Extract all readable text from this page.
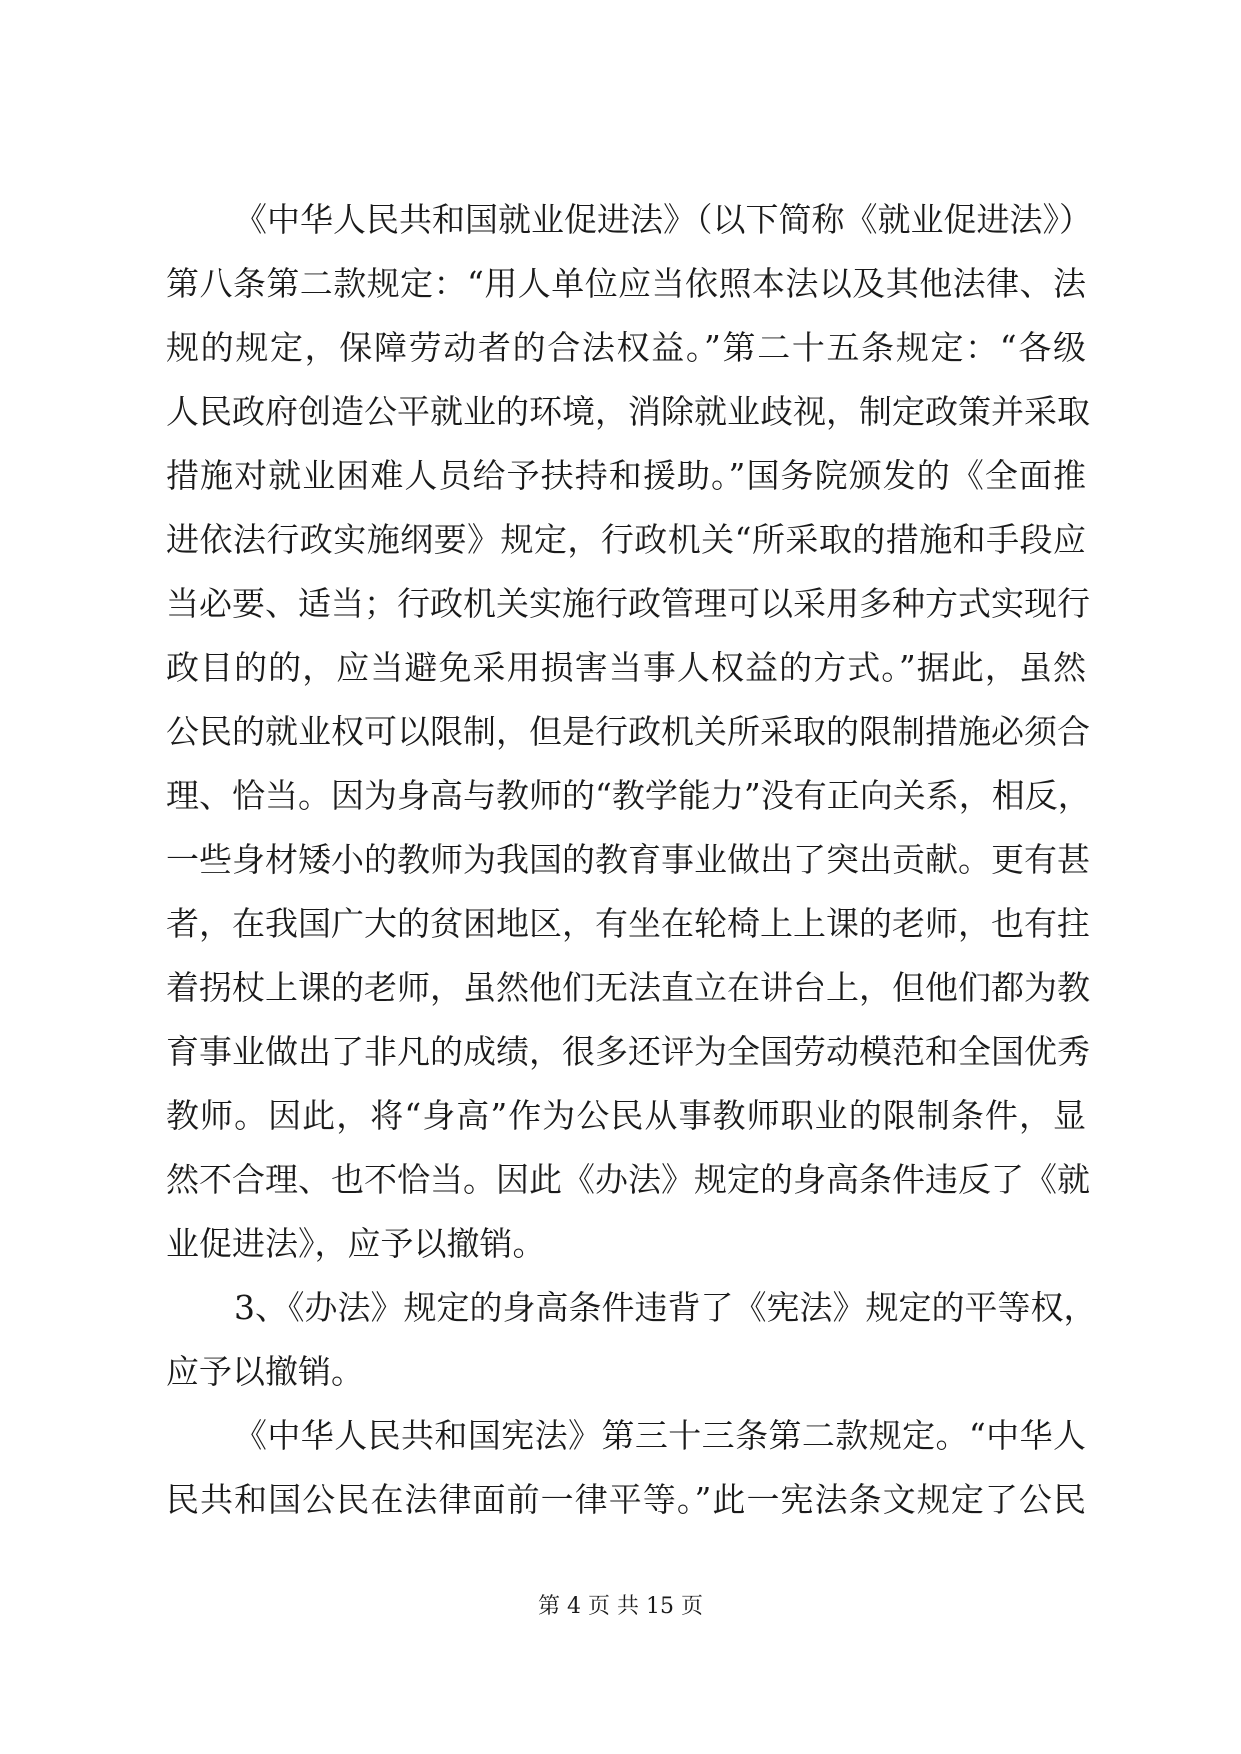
《中华人民共和国就业促进法》（以下简称《就业促进法》）
第八条第二款规定：“用人单位应当依照本法以及其他法律、法
规的规定，保障劳动者的合法权益。”第二十五条规定：“各级
人民政府创造公平就业的环境，消除就业歧视，制定政策并采取
措施对就业困难人员给予扶持和援助。”国务院颁发的《全面推
进依法行政实施纲要》规定，行政机关“所采取的措施和手段应
当必要、适当；行政机关实施行政管理可以采用多种方式实现行
政目的的，应当避免采用损害当事人权益的方式。”据此，虽然
公民的就业权可以限制，但是行政机关所采取的限制措施必须合
理、恰当。因为身高与教师的“教学能力”没有正向关系，相反，
一些身材矮小的教师为我国的教育事业做出了突出贡献。更有甚
者，在我国广大的贫困地区，有坐在轮椅上上课的老师，也有拄
着拐杖上课的老师，虽然他们无法直立在讲台上，但他们都为教
育事业做出了非凡的成绩，很多还评为全国劳动模范和全国优秀
教师。因此，将“身高”作为公民从事教师职业的限制条件，显
然不合理、也不恰当。因此《办法》规定的身高条件违反了《就
业促进法》，应予以撤销。
3、《办法》规定的身高条件违背了《宪法》规定的平等权，
应予以撤销。
《中华人民共和国宪法》第三十三条第二款规定。“中华人
民共和国公民在法律面前一律平等。”此一宪法条文规定了公民
第 4 页 共 15 页
